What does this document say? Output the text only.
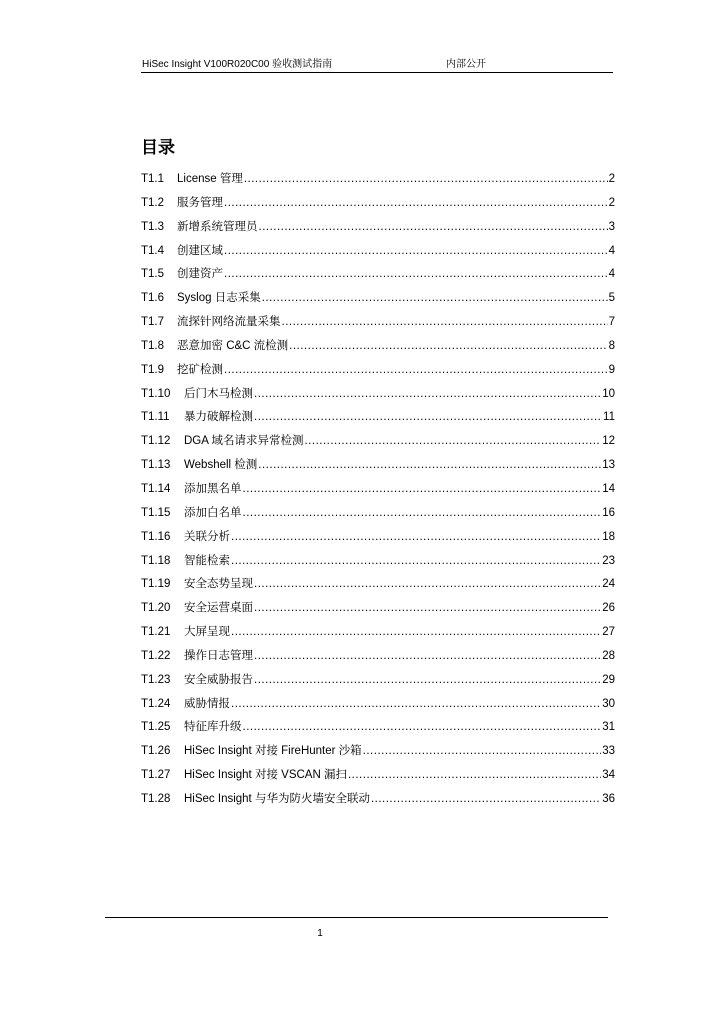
HiSec Insight V100R020C00 验收测试指南	内部公开
目录
T1.1	License 管理 .....	2
T1.2	服务管理 .....	2
T1.3	新增系统管理员 .....	3
T1.4	创建区域 .....	4
T1.5	创建资产 .....	4
T1.6	Syslog 日志采集 .....	5
T1.7	流探针网络流量采集 .....	7
T1.8	恶意加密 C&C 流检测 .....	8
T1.9	挖矿检测 .....	9
T1.10	后门木马检测 .....	10
T1.11	暴力破解检测 .....	11
T1.12	DGA 域名请求异常检测 .....	12
T1.13	Webshell 检测 .....	13
T1.14	添加黑名单 .....	14
T1.15	添加白名单 .....	16
T1.16	关联分析 .....	18
T1.18	智能检索 .....	23
T1.19	安全态势呈现 .....	24
T1.20	安全运营桌面 .....	26
T1.21	大屏呈现 .....	27
T1.22	操作日志管理 .....	28
T1.23	安全威胁报告 .....	29
T1.24	威胁情报 .....	30
T1.25	特征库升级 .....	31
T1.26	HiSec Insight 对接 FireHunter 沙箱 .....	33
T1.27	HiSec Insight 对接 VSCAN 漏扫 .....	34
T1.28	HiSec Insight 与华为防火墙安全联动 .....	36
1
